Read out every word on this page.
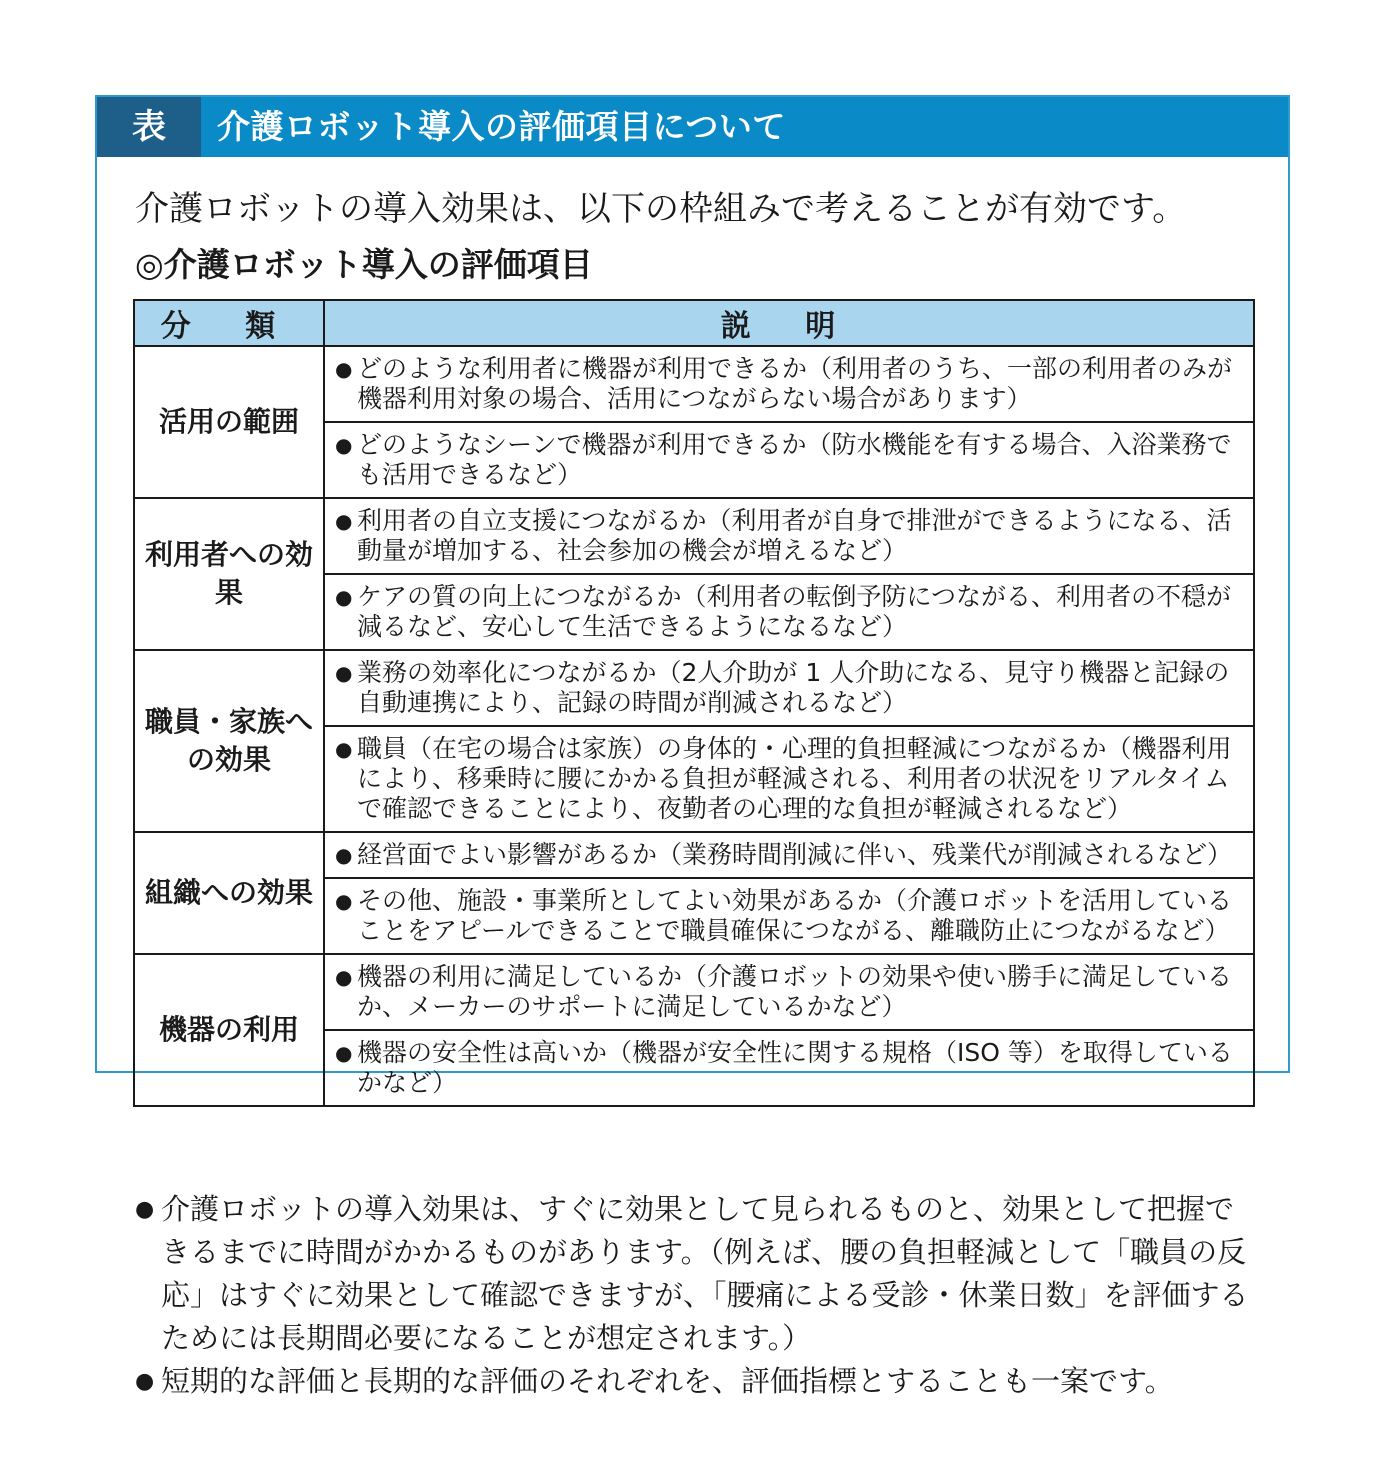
表	介護ロボット導入の評価項目について
介護ロボットの導入効果は、以下の枠組みで考えることが有効です。
◎介護ロボット導入の評価項目
分 類	説 明
活用の範囲	● どのような利用者に機器が利用できるか（利用者のうち、一部の利用者のみが機器利用対象の場合、活用につながらない場合があります）

	● どのようなシーンで機器が利用できるか（防水機能を有する場合、入浴業務でも活用できるなど）

利用者への効果	● 利用者の自立支援につながるか（利用者が自身で排泄ができるようになる、活動量が増加する、社会参加の機会が増えるなど）

	● ケアの質の向上につながるか（利用者の転倒予防につながる、利用者の不穏が減るなど、安心して生活できるようになるなど）

職員・家族への効果	● 業務の効率化につながるか（2人介助が 1 人介助になる、見守り機器と記録の自動連携により、記録の時間が削減されるなど）

	● 職員（在宅の場合は家族）の身体的・心理的負担軽減につながるか（機器利用により、移乗時に腰にかかる負担が軽減される、利用者の状況をリアルタイムで確認できることにより、夜勤者の心理的な負担が軽減されるなど）

組織への効果	● 経営面でよい影響があるか（業務時間削減に伴い、残業代が削減されるなど）

	● その他、施設・事業所としてよい効果があるか（介護ロボットを活用していることをアピールできることで職員確保につながる、離職防止につながるなど）

機器の利用	● 機器の利用に満足しているか（介護ロボットの効果や使い勝手に満足しているか、メーカーのサポートに満足しているかなど）

	● 機器の安全性は高いか（機器が安全性に関する規格（ISO 等）を取得しているかなど）
● 介護ロボットの導入効果は、すぐに効果として見られるものと、効果として把握できるまでに時間がかかるものがあります。（例えば、腰の負担軽減として「職員の反応」はすぐに効果として確認できますが、「腰痛による受診・休業日数」を評価するためには長期間必要になることが想定されます。）
● 短期的な評価と長期的な評価のそれぞれを、評価指標とすることも一案です。
